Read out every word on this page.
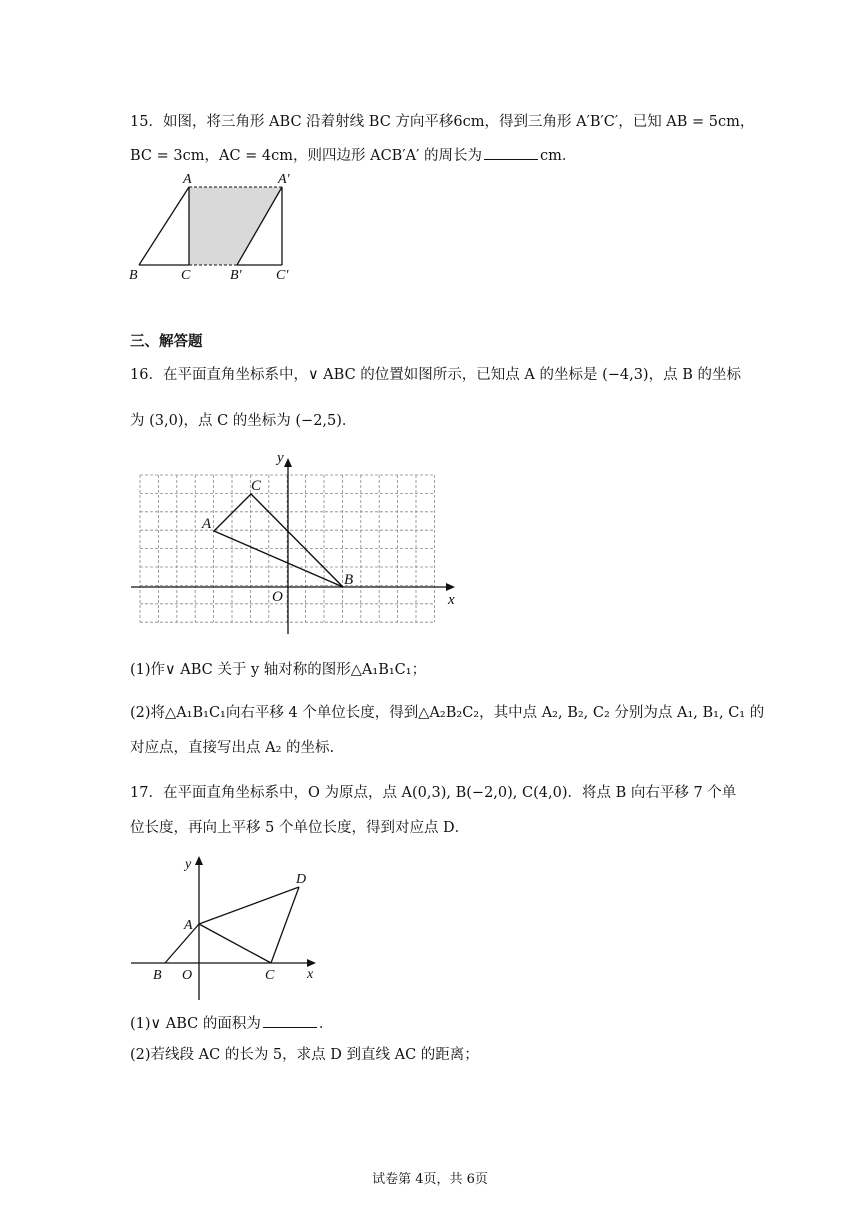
15．如图，将三角形 ABC 沿着射线 BC 方向平移6cm，得到三角形 A′B′C′，已知 AB = 5cm，
BC = 3cm，AC = 4cm，则四边形 ACB′A′ 的周长为	cm．
A	A′
B	C	B′ C′
三、解答题
16．在平面直角坐标系中，∨ ABC 的位置如图所示，已知点 A 的坐标是 (−4,3)，点 B 的坐标
为 (3,0)，点 C 的坐标为 (−2,5)．
y
x
O
A
B
C
(1)作∨ ABC 关于 y 轴对称的图形△A₁B₁C₁；
(2)将△A₁B₁C₁向右平移 4 个单位长度，得到△A₂B₂C₂，其中点 A₂, B₂, C₂ 分别为点 A₁, B₁, C₁ 的
对应点，直接写出点 A₂ 的坐标.
17．在平面直角坐标系中，O 为原点，点 A(0,3), B(−2,0), C(4,0)．将点 B 向右平移 7 个单
位长度，再向上平移 5 个单位长度，得到对应点 D．
y
x
O
A
B	C
D
(1)∨ ABC 的面积为	．
(2)若线段 AC 的长为 5，求点 D 到直线 AC 的距离；
试卷第 4页，共 6页
